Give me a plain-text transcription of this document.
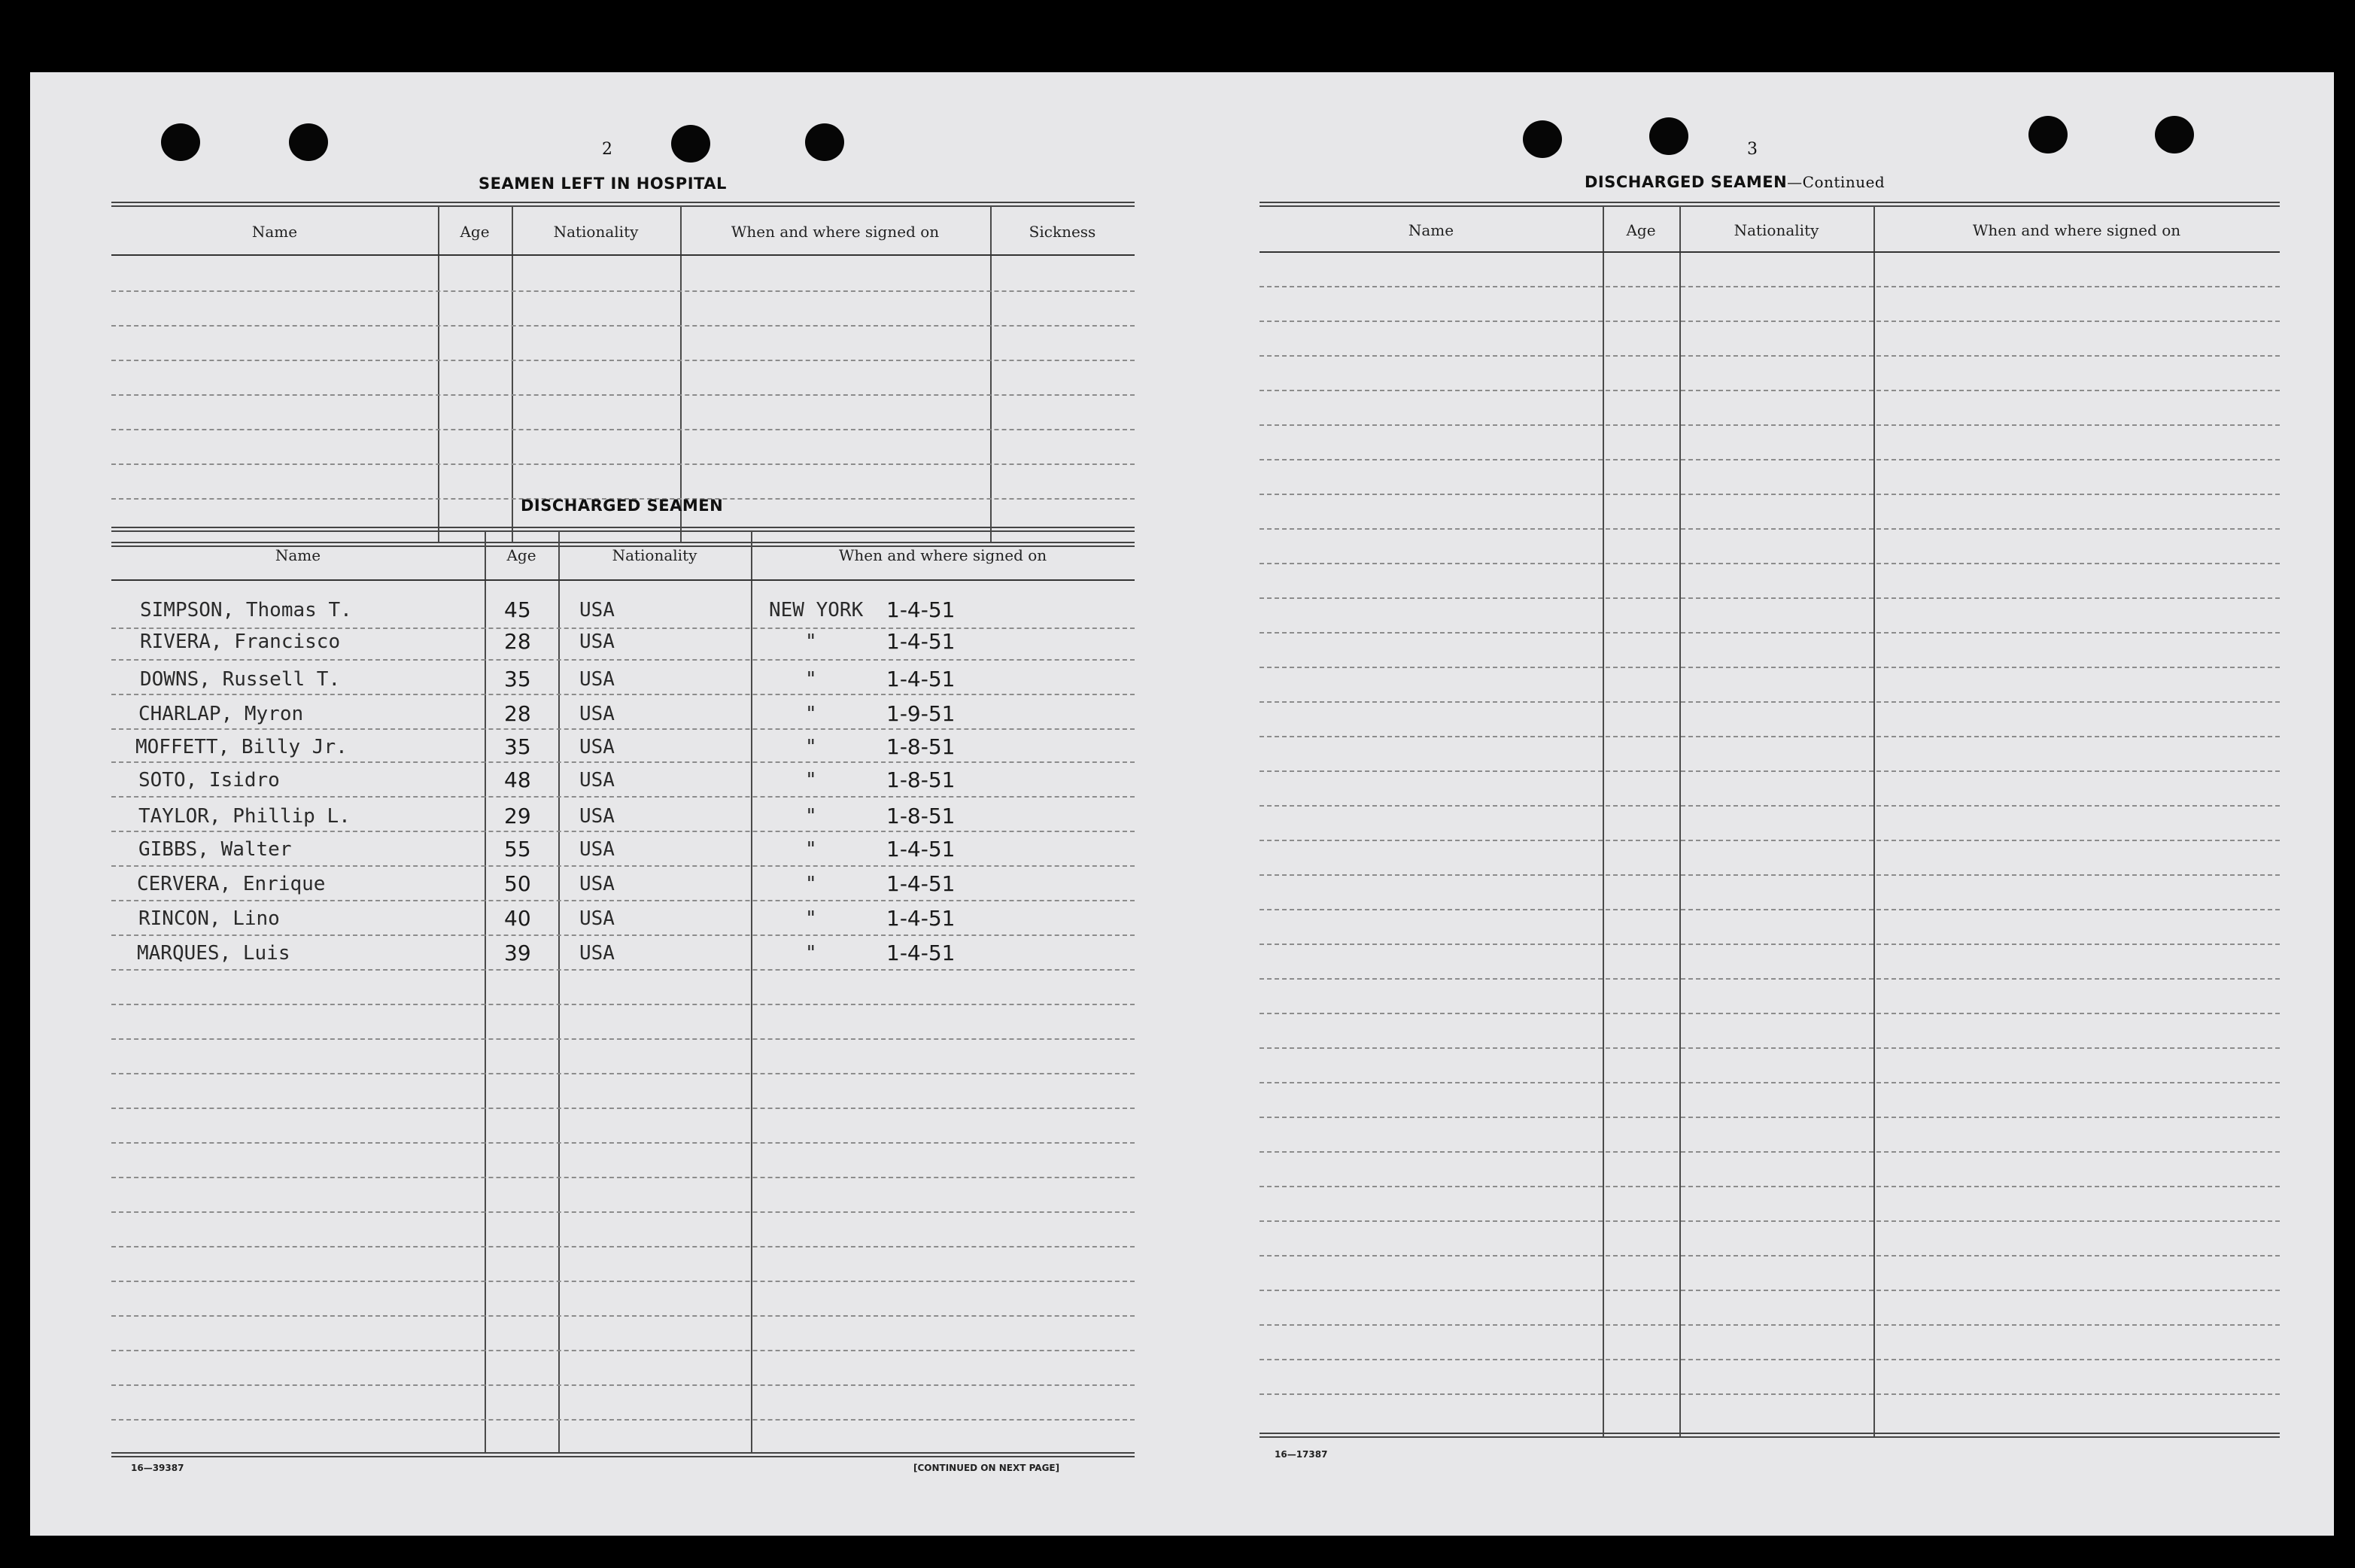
2
SEAMEN LEFT IN HOSPITAL
Name	Age	Nationality	When and where signed on	Sickness
DISCHARGED SEAMEN
Name	Age	Nationality	When and where signed on
SIMPSON, Thomas T.	45 USA	NEW YORK 1-4-51
RIVERA, Francisco	28 USA	"	1-4-51
DOWNS, Russell T.	35 USA	"	1-4-51
CHARLAP, Myron	28 USA	"	1-9-51
MOFFETT, Billy Jr.	35 USA	"	1-8-51
SOTO, Isidro	48 USA	"	1-8-51
TAYLOR, Phillip L.	29 USA	"	1-8-51
GIBBS, Walter	55 USA	"	1-4-51
CERVERA, Enrique	50 USA	"	1-4-51
RINCON, Lino	40 USA	"	1-4-51
MARQUES, Luis	39 USA	"	1-4-51
16—39387	[CONTINUED ON NEXT PAGE]
3
DISCHARGED SEAMEN—Continued
Name	Age	Nationality	When and where signed on
16—17387
